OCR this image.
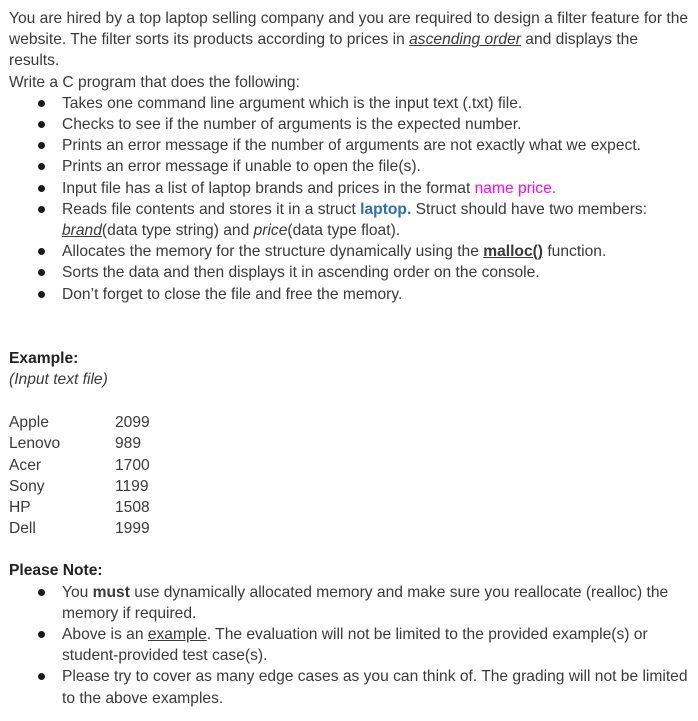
You are hired by a top laptop selling company and you are required to design a filter feature for the website. The filter sorts its products according to prices in ascending order and displays the results.

Write a C program that does the following:

Takes one command line argument which is the input text (.txt) file.
Checks to see if the number of arguments is the expected number.
Prints an error message if the number of arguments are not exactly what we expect.
Prints an error message if unable to open the file(s).
Input file has a list of laptop brands and prices in the format name price.
Reads file contents and stores it in a struct laptop. Struct should have two members: brand(data type string) and price(data type float).
Allocates the memory for the structure dynamically using the malloc() function.
Sorts the data and then displays it in ascending order on the console.
Don’t forget to close the file and free the memory.

Example:

(Input text file)

Apple	2099
Lenovo	989
Acer	1700
Sony	1199
HP	1508
Dell	1999

Please Note:

You must use dynamically allocated memory and make sure you reallocate (realloc) the memory if required.
Above is an example. The evaluation will not be limited to the provided example(s) or student-provided test case(s).
Please try to cover as many edge cases as you can think of. The grading will not be limited to the above examples.
